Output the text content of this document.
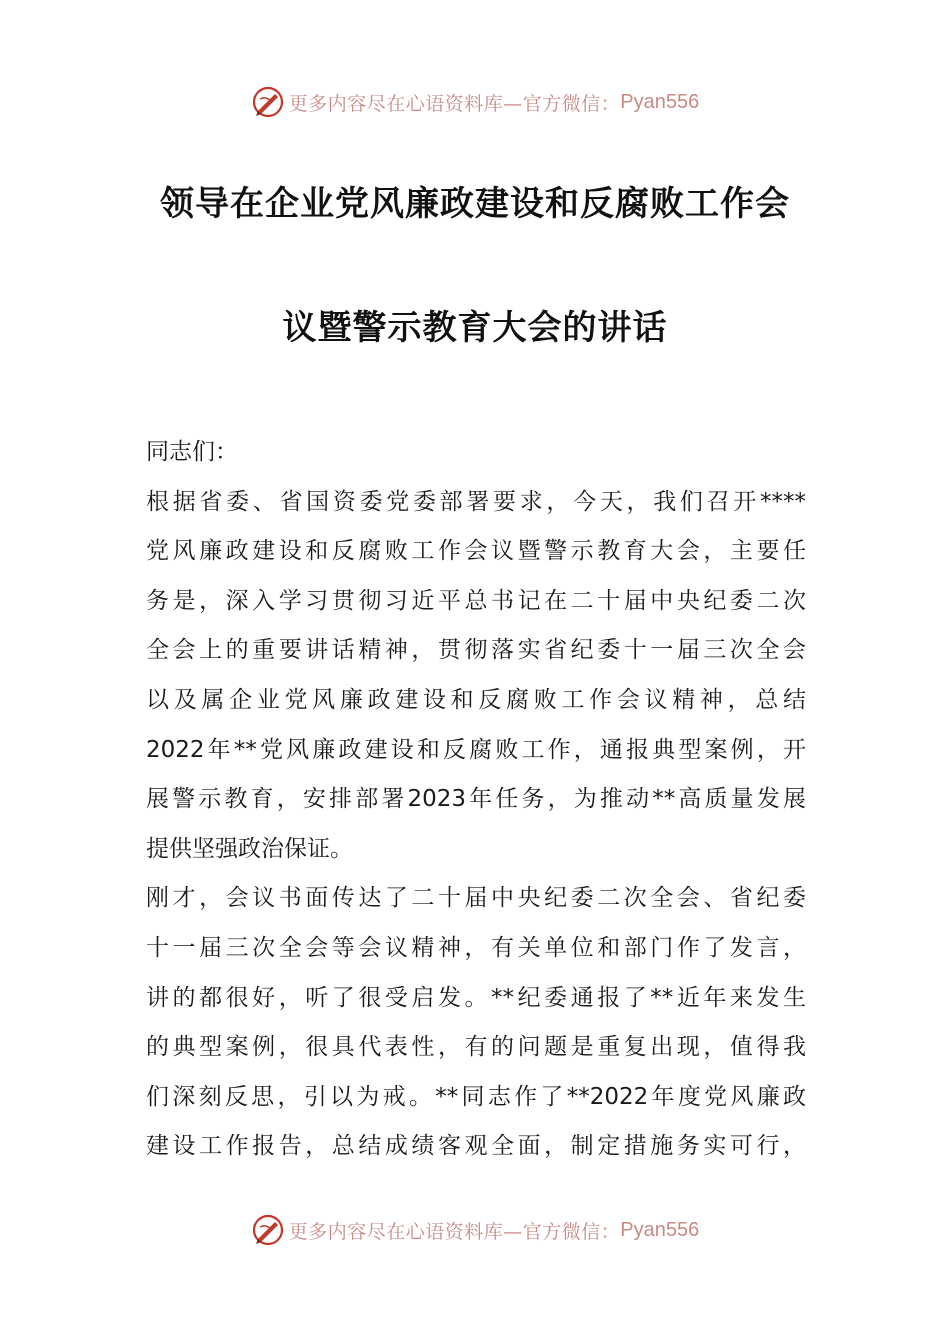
更多内容尽在心语资料库—官方微信： Pyan556
领导在企业党风廉政建设和反腐败工作会
议暨警示教育大会的讲话
同志们：
根据省委、省国资委党委部署要求，今天，我们召开****
党风廉政建设和反腐败工作会议暨警示教育大会，主要任
务是，深入学习贯彻习近平总书记在二十届中央纪委二次
全会上的重要讲话精神，贯彻落实省纪委十一届三次全会
以及属企业党风廉政建设和反腐败工作会议精神，总结
2022年**党风廉政建设和反腐败工作，通报典型案例，开
展警示教育，安排部署2023年任务，为推动**高质量发展
提供坚强政治保证。
刚才，会议书面传达了二十届中央纪委二次全会、省纪委
十一届三次全会等会议精神，有关单位和部门作了发言，
讲的都很好，听了很受启发。**纪委通报了**近年来发生
的典型案例，很具代表性，有的问题是重复出现，值得我
们深刻反思，引以为戒。**同志作了**2022年度党风廉政
建设工作报告，总结成绩客观全面，制定措施务实可行，
更多内容尽在心语资料库—官方微信： Pyan556
